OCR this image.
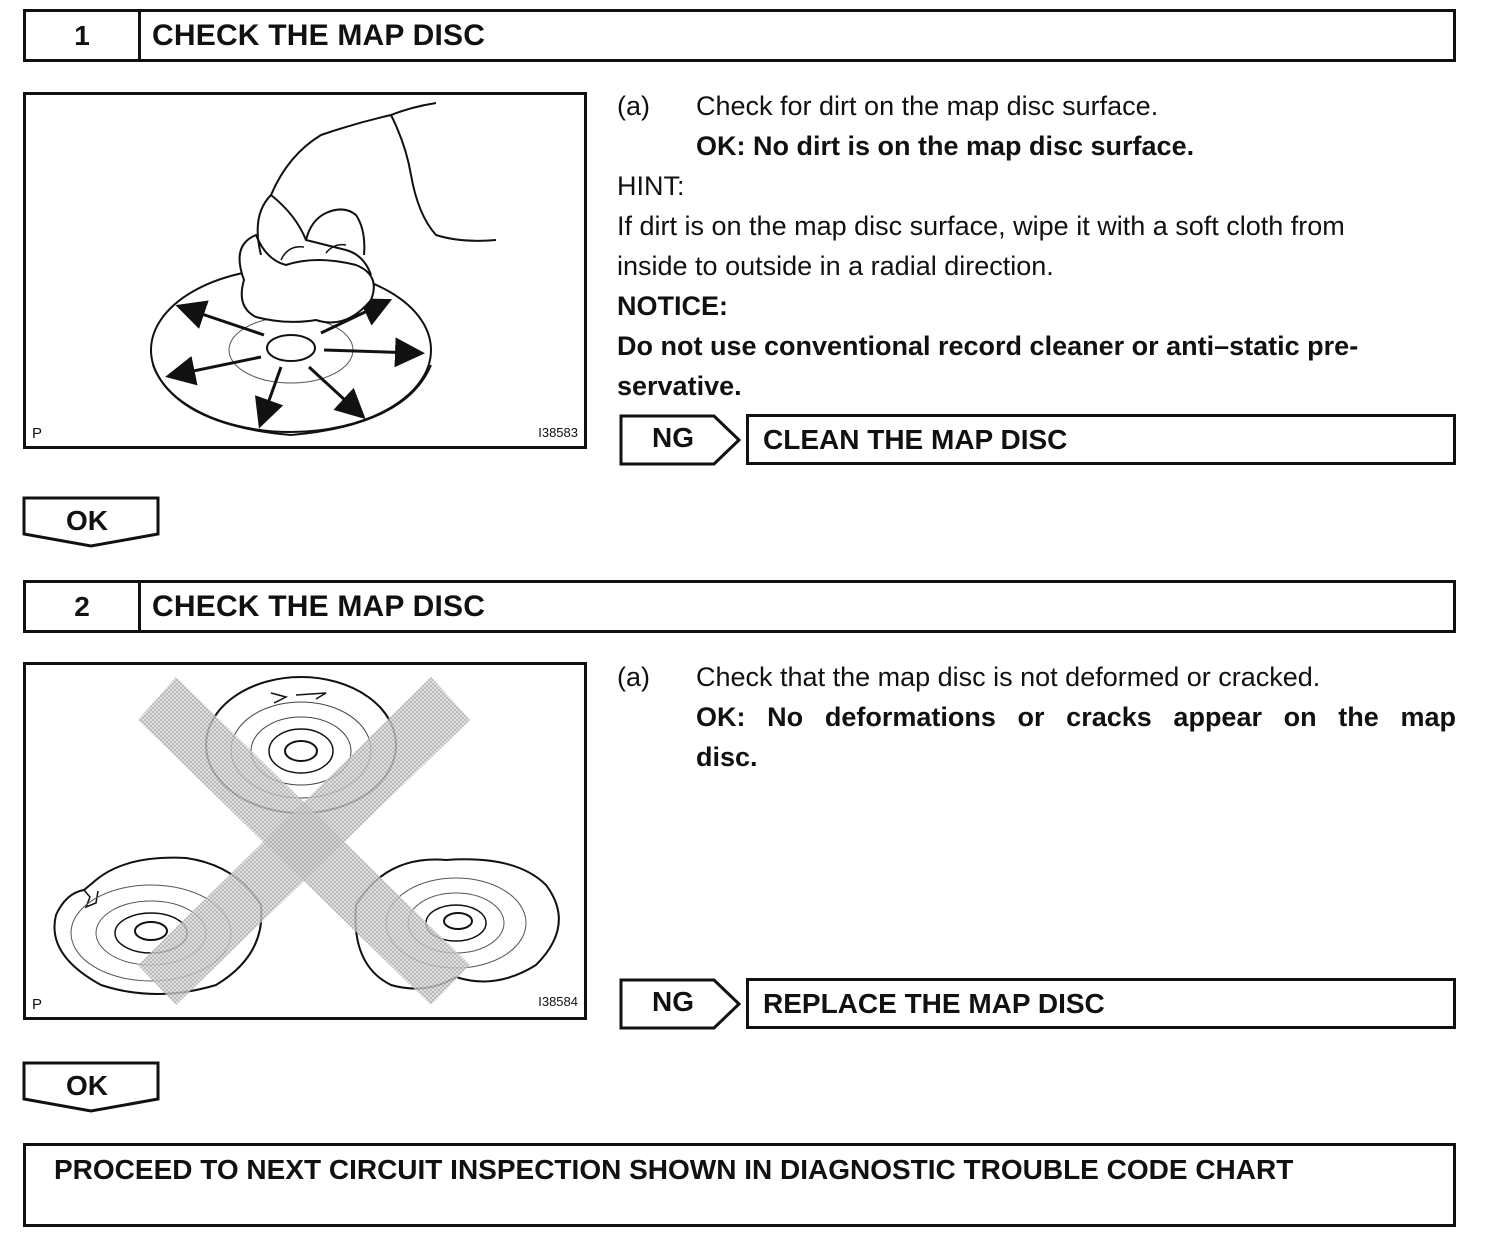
1	CHECK THE MAP DISC
P	I38583
(a) Check for dirt on the map disc surface.
OK: No dirt is on the map disc surface.
HINT:
If dirt is on the map disc surface, wipe it with a soft cloth from
inside to outside in a radial direction.
NOTICE:
Do not use conventional record cleaner or anti–static pre-
servative.
NG CLEAN THE MAP DISC
OK
2	CHECK THE MAP DISC
P	I38584
(a) Check that the map disc is not deformed or cracked.
OK: No deformations or cracks appear on the map
disc.
NG REPLACE THE MAP DISC
OK
PROCEED TO NEXT CIRCUIT INSPECTION SHOWN IN DIAGNOSTIC TROUBLE CODE CHART
